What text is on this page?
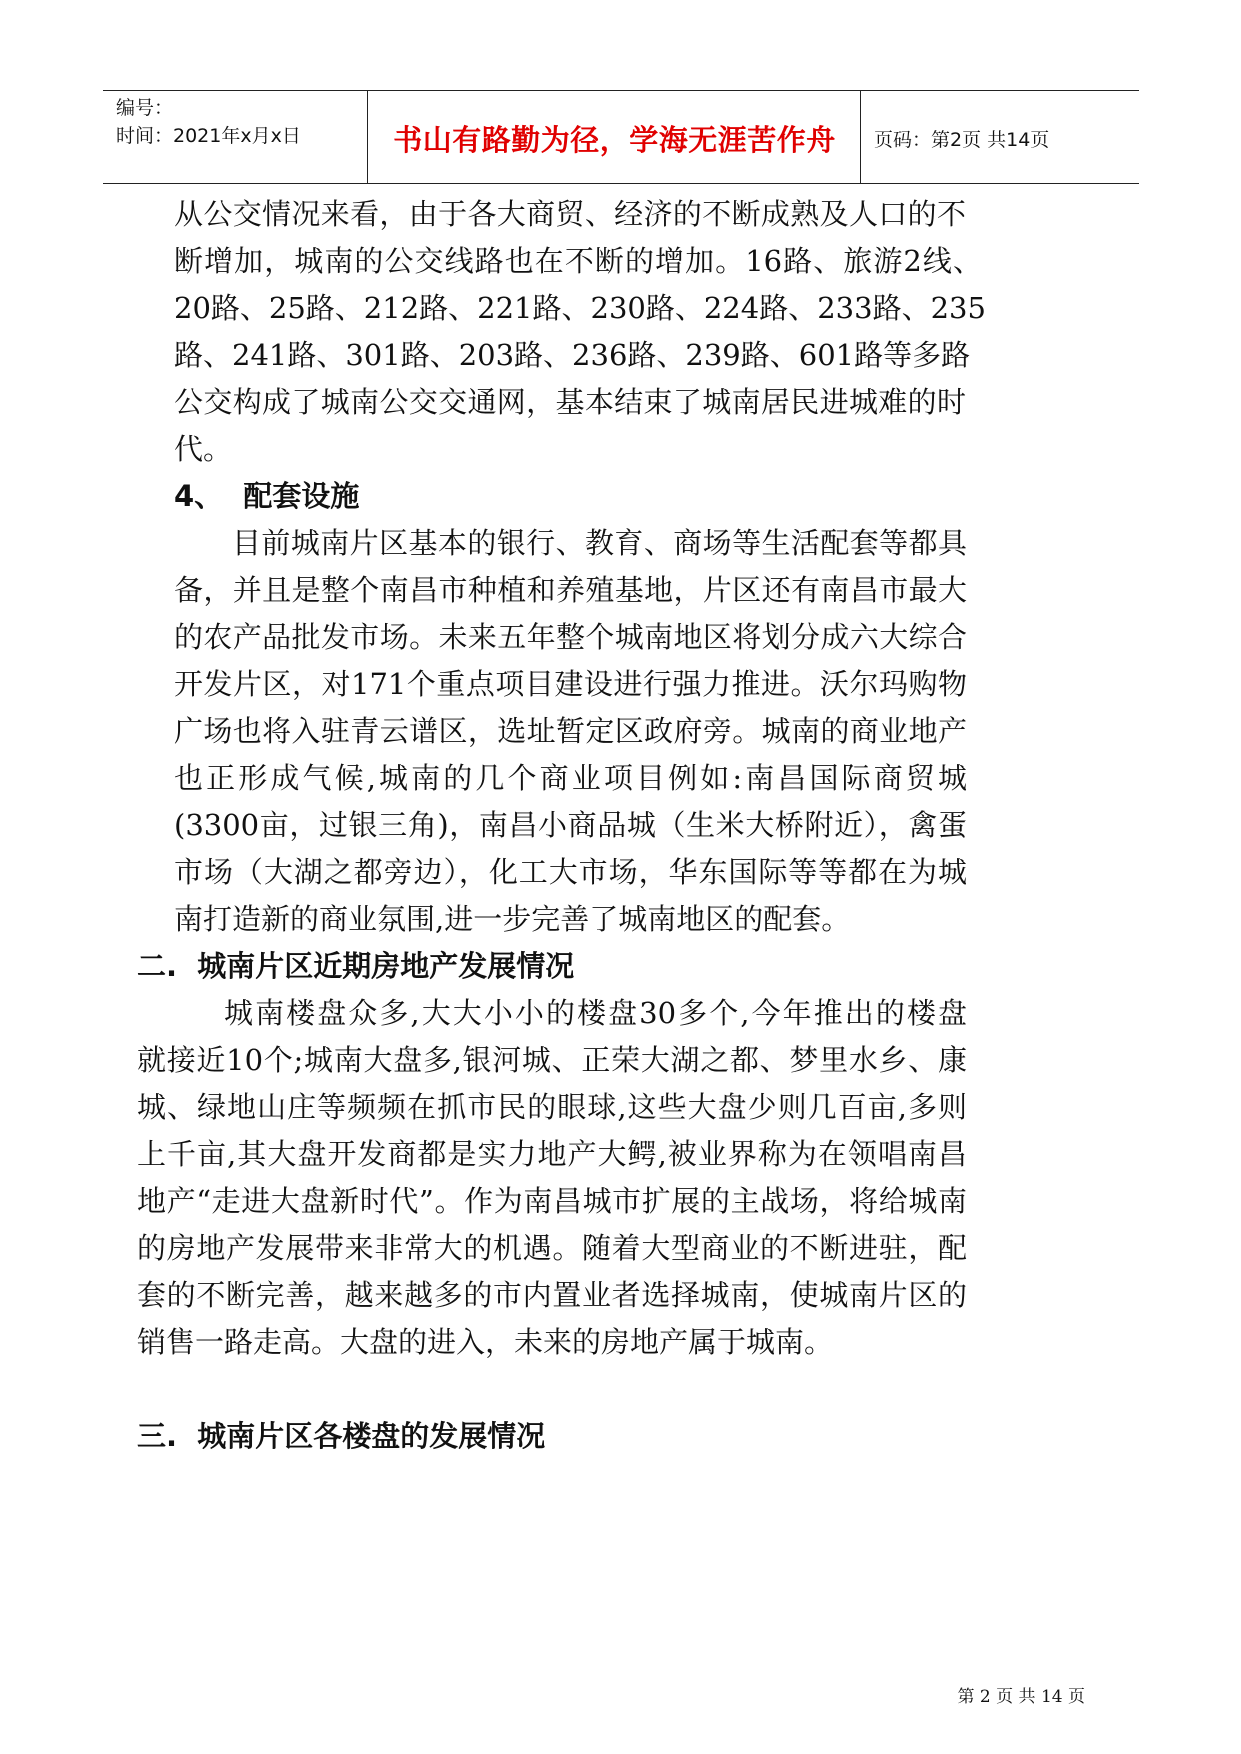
编号：
时间：2021年x月x日	书山有路勤为径，学海无涯苦作舟	页码：第2页 共14页
从公交情况来看，由于各大商贸、经济的不断成熟及人口的不
断增加，城南的公交线路也在不断的增加。16路、旅游2线、
20路、25路、212路、221路、230路、224路、233路、235
路、241路、301路、203路、236路、239路、601路等多路
公交构成了城南公交交通网，基本结束了城南居民进城难的时
代。
4、  配套设施
目前城南片区基本的银行、教育、商场等生活配套等都具
备，并且是整个南昌市种植和养殖基地，片区还有南昌市最大
的农产品批发市场。未来五年整个城南地区将划分成六大综合
开发片区，对171个重点项目建设进行强力推进。沃尔玛购物
广场也将入驻青云谱区，选址暂定区政府旁。城南的商业地产
也正形成气候,城南的几个商业项目例如:南昌国际商贸城
(3300亩，过银三角)，南昌小商品城（生米大桥附近），禽蛋
市场（大湖之都旁边），化工大市场，华东国际等等都在为城
南打造新的商业氛围,进一步完善了城南地区的配套。
二.  城南片区近期房地产发展情况
城南楼盘众多,大大小小的楼盘30多个,今年推出的楼盘
就接近10个;城南大盘多,银河城、正荣大湖之都、梦里水乡、康
城、绿地山庄等频频在抓市民的眼球,这些大盘少则几百亩,多则
上千亩,其大盘开发商都是实力地产大鳄,被业界称为在领唱南昌
地产“走进大盘新时代”。作为南昌城市扩展的主战场，将给城南
的房地产发展带来非常大的机遇。随着大型商业的不断进驻，配
套的不断完善，越来越多的市内置业者选择城南，使城南片区的
销售一路走高。大盘的进入，未来的房地产属于城南。
三.  城南片区各楼盘的发展情况
第 2 页 共 14 页
